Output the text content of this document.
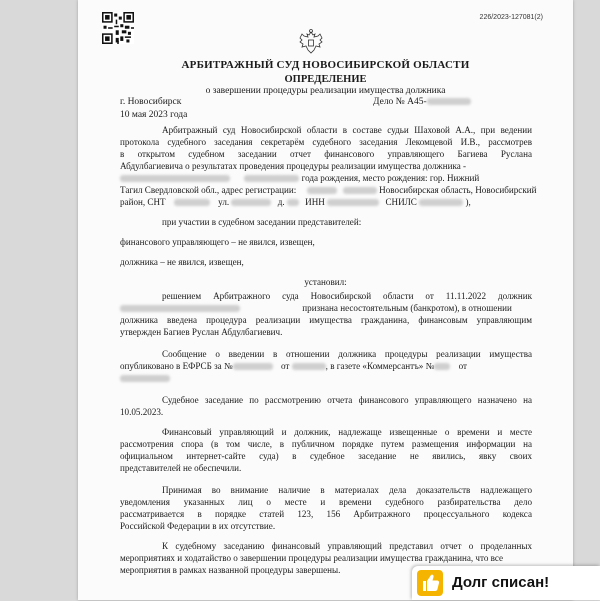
226/2023-127081(2)
АРБИТРАЖНЫЙ СУД НОВОСИБИРСКОЙ ОБЛАСТИ
ОПРЕДЕЛЕНИЕ
о завершении процедуры реализации имущества должника
г. Новосибирск	Дело № А45-
10 мая 2023 года
Арбитражный суд Новосибирской области в составе судьи Шаховой А.А., при ведении
протокола судебного заседания секретарём судебного заседания Лекомцевой И.В., рассмотрев
в открытом судебном заседании отчет финансового управляющего Багиева Руслана
Абдулбагиевича о результатах проведения процедуры реализации имущества должника -
года рождения, место рождения: гор. Нижний
Тагил Свердловской обл., адрес регистрации:	Новосибирская область, Новосибирский
район, СНТ	ул.	д. ИНН	СНИЛС	),
при участии в судебном заседании представителей:
финансового управляющего – не явился, извещен,
должника – не явился, извещен,
установил:
решением Арбитражного суда Новосибирской области от 11.11.2022 должник
признана несостоятельным (банкротом), в отношении
должника введена процедура реализации имущества гражданина, финансовым управляющим
утвержден Багиев Руслан Абдулбагиевич.
Сообщение о введении в отношении должника процедуры реализации имущества
опубликовано в ЕФРСБ за №	от	, в газете «Коммерсантъ» №	от
Судебное заседание по рассмотрению отчета финансового управляющего назначено на
10.05.2023.
Финансовый управляющий и должник, надлежаще извещенные о времени и месте
рассмотрения спора (в том числе, в публичном порядке путем размещения информации на
официальном интернет-сайте суда) в судебное заседание не явились, явку своих
представителей не обеспечили.
Принимая во внимание наличие в материалах дела доказательств надлежащего
уведомления указанных лиц о месте и времени судебного разбирательства дело
рассматривается в порядке статей 123, 156 Арбитражного процессуального кодекса
Российской Федерации в их отсутствие.
К судебному заседанию финансовый управляющий представил отчет о проделанных
мероприятиях и ходатайство о завершении процедуры реализации имущества гражданина, что все
мероприятия в рамках названной процедуры завершены.
Долг списан!
